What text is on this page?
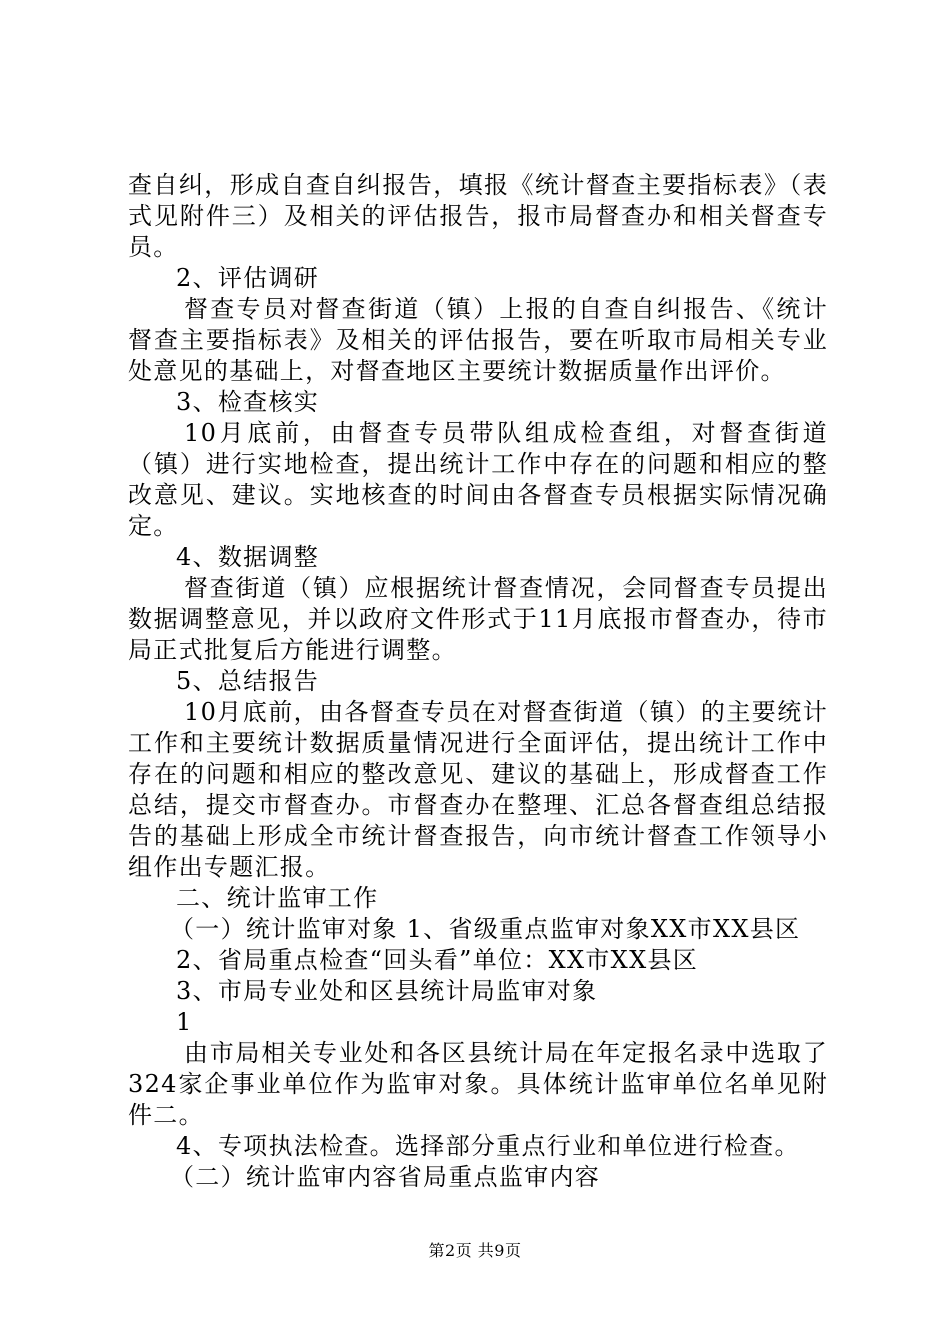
查自纠，形成自查自纠报告，填报《统计督查主要指标表》（表式见附件三）及相关的评估报告，报市局督查办和相关督查专员。

2、评估调研

督查专员对督查街道（镇）上报的自查自纠报告、《统计督查主要指标表》及相关的评估报告，要在听取市局相关专业处意见的基础上，对督查地区主要统计数据质量作出评价。

3、检查核实

10月底前，由督查专员带队组成检查组，对督查街道（镇）进行实地检查，提出统计工作中存在的问题和相应的整改意见、建议。实地核查的时间由各督查专员根据实际情况确定。

4、数据调整

督查街道（镇）应根据统计督查情况，会同督查专员提出数据调整意见，并以政府文件形式于11月底报市督查办，待市局正式批复后方能进行调整。

5、总结报告

10月底前，由各督查专员在对督查街道（镇）的主要统计工作和主要统计数据质量情况进行全面评估，提出统计工作中存在的问题和相应的整改意见、建议的基础上，形成督查工作总结，提交市督查办。市督查办在整理、汇总各督查组总结报告的基础上形成全市统计督查报告，向市统计督查工作领导小组作出专题汇报。

二、统计监审工作

（一）统计监审对象 1、省级重点监审对象XX市XX县区

2、省局重点检查“回头看”单位：XX市XX县区

3、市局专业处和区县统计局监审对象

1

由市局相关专业处和各区县统计局在年定报名录中选取了324家企事业单位作为监审对象。具体统计监审单位名单见附件二。

4、专项执法检查。选择部分重点行业和单位进行检查。

（二）统计监审内容省局重点监审内容

第2页 共9页
